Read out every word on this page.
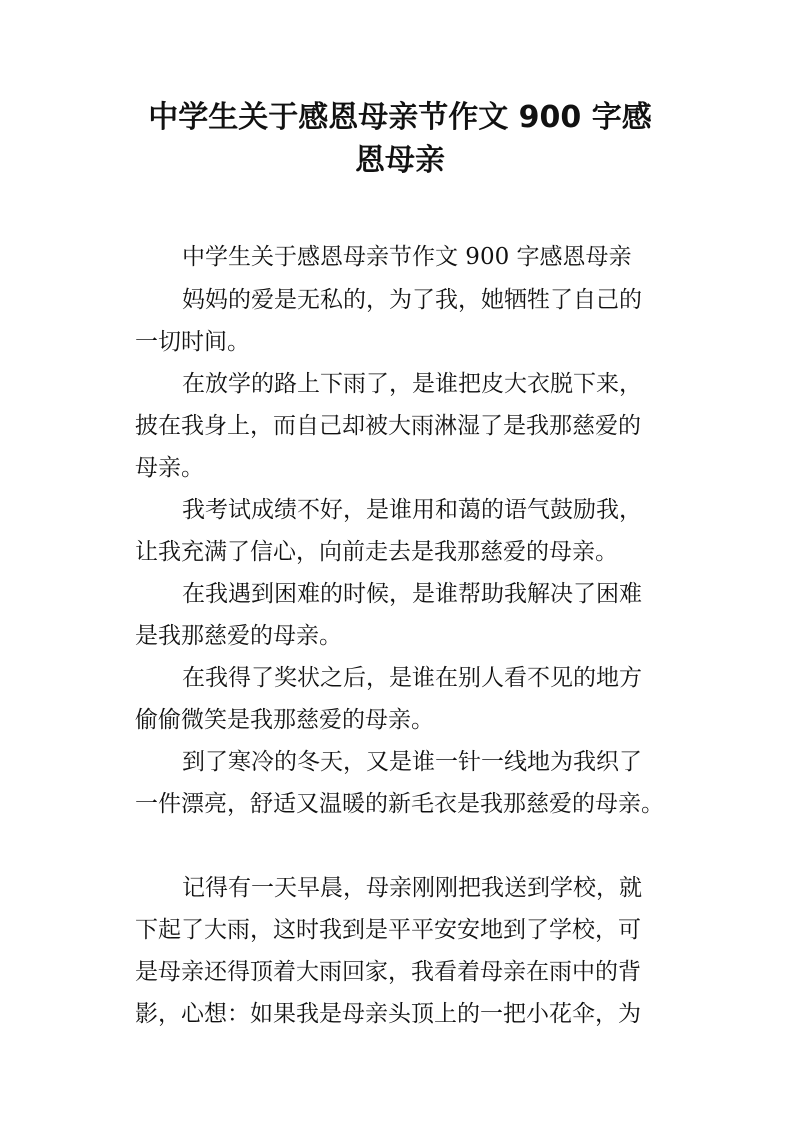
中学生关于感恩母亲节作文 900 字感
恩母亲
中学生关于感恩母亲节作文 900 字感恩母亲
妈妈的爱是无私的，为了我，她牺牲了自己的
一切时间。
在放学的路上下雨了，是谁把皮大衣脱下来，
披在我身上，而自己却被大雨淋湿了是我那慈爱的
母亲。
我考试成绩不好，是谁用和蔼的语气鼓励我，
让我充满了信心，向前走去是我那慈爱的母亲。
在我遇到困难的时候，是谁帮助我解决了困难
是我那慈爱的母亲。
在我得了奖状之后，是谁在别人看不见的地方
偷偷微笑是我那慈爱的母亲。
到了寒冷的冬天，又是谁一针一线地为我织了
一件漂亮，舒适又温暖的新毛衣是我那慈爱的母亲。
记得有一天早晨，母亲刚刚把我送到学校，就
下起了大雨，这时我到是平平安安地到了学校，可
是母亲还得顶着大雨回家，我看着母亲在雨中的背
影，心想：如果我是母亲头顶上的一把小花伞，为
